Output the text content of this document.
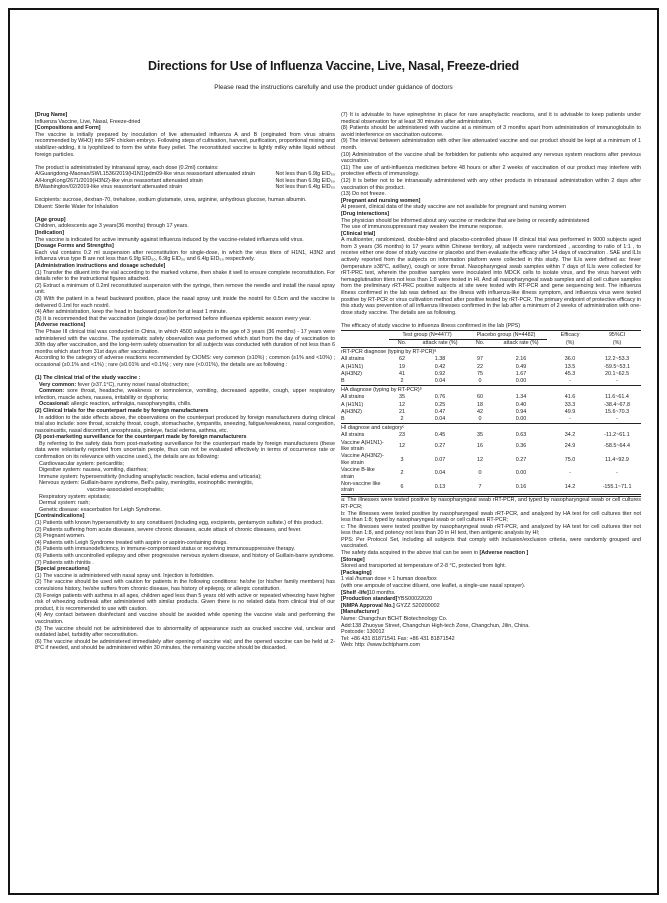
Directions for Use of Influenza Vaccine, Live, Nasal, Freeze-dried
Please read the instructions carefully and use the product under guidance of doctors
[Drug Name]
Influenza Vaccine, Live, Nasal, Freeze-dried
[Compositions and Form]
The vaccine is initially prepared by inoculation of live attenuated influenza A and B (originated from virus strains recommended by WHO) into SPF chicken embryo. Following steps of cultivation, harvest, purification, proportional mixing and stabilizer-adding, it is lyophilized to form the white fluey pellet. The reconstituted vaccine is lightly milky white liquid without foreign particles.
The product is administrated by intranasal spray, each dose (0.2ml) contains:
A/Guangdong-Maonan/SWL1536/2019(H1N1)pdm09-like virus reassortant attenuated strain	Not less than 6.9lg EID₅₀
A/HongKong/2671/2019(H3N2)-like virus reassortant attenuated strain	Not less than 6.9lg EID₅₀
B/Washington/02/2019-like virus reassortant attenuated strain	Not less than 6.4lg EID₅₀
Excipients: sucrose, dextran-70, trehalose, sodium glutamate, urea, arginine, anhydrous glucose, human albumin.
Diluent: Sterile Water for Inhalation
[Age group]
Children, adolescents age 3 years(36 months) through 17 years.
[Indication]
The vaccine is indicated for active immunity against influenza induced by the vaccine-related influenza wild virus.
[Dosage Forms and Strengths]
Each vial contains 0.2 ml suspension after reconstitution for single-dose, in which the virus titers of H1N1, H3N2 and influenza virus type B are not less than 6.9lg EID₅₀, 6.9lg EID₅₀ and 6.4lg EID₅₀ respectively.
[Administration instructions and dosage schedule]
(1) Transfer the diluent into the vial according to the marked volume, then shake it well to ensure complete reconstitution. For details refer to the instructional figures attached.
(2) Extract a minimum of 0.2ml reconstituted suspension with the syringe, then remove the needle and install the nasal spray unit.
(3) With the patient in a head backward position, place the nasal spray unit inside the nostril for 0.5cm and the vaccine is delivered 0.1ml for each nostril.
(4) After administration, keep the head in backward position for at least 1 minute.
(5) It is recommended that the vaccination (single dose) be performed before influenza epidemic season every year.
[Adverse reactions]
The Phase III clinical trial was conducted in China, in which 4500 subjects in the age of 3 years (36 months) - 17 years were administered with the vaccine. The systematic safety observation was performed which start from the day of vaccination to 30th day after vaccination, and the long-term safety observation for all subjects was conducted with duration of not less than 6 months which start from 31st days after vaccination.
According to the category of adverse reactions recommended by CIOMS: very common (≥10%) ; common (≥1% and <10%) ; occasional (≥0.1% and <1%) ; rare (≥0.01% and <0.1%) ; very rare (<0.01%), the details are as following :
(1) The clinical trial of the study vaccine :
Very common: fever (≥37.1°C), runny nose/ nasal obstruction;
Common: sore throat, headache, weakness or somnolence, vomiting, decreased appetite, cough, upper respiratory infection, muscle aches, nausea, irritability or dysphoria;
Occasional: allergic reaction, arthralgia, nasopharyngitis, chills.
(2) Clinical trials for the counterpart made by foreign manufacturers
In addition to the side effects above, the observations on the counterpart produced by foreign manufacturers during clinical trial also include: sore throat, scratchy throat, cough, stomachache, tympanitis, sneezing, fatigue/weakness, nasal congestion, nasosinusitis, nasal discomfort, anosphrasia, pinkeye, facial edema, asthma, etc.
(3) post-marketing surveillance for the counterpart made by foreign manufacturers
By referring to the safety data from post-marketing surveillance for the counterpart made by foreign manufacturers (these data were voluntarily reported from uncertain people, thus can not be evaluated effectively in terms of occurrence rate or confirmation on its relevance with vaccine used.), the details are as following:
Cardiovascular system: pericarditis;
Digestive system: nausea, vomiting, diarrhea;
Immune system: hypersensitivity (including anaphylactic reaction, facial edema and urticaria);
Nervous system: Guillain-barre syndrome, Bell's palsy, meningitis, eosinophilic meningitis,
vaccine-associated encephalitis;
Respiratory system: epistaxis;
Dermal system: rash;
Genetic disease: exacerbation for Leigh Syndrome.
[Contraindications]
(1) Patients with known hypersensitivity to any constituent (including egg, excipients, gentamycin sulfate.) of this product.
(2) Patients suffering from acute diseases, severe chronic diseases, acute attack of chronic diseases, and fever.
(3) Pregnant women.
(4) Patients with Leigh Syndrome treated with aspirin or aspirin-containing drugs.
(5) Patients with immunodeficiency, in immune-compromised status or receiving immunosuppressive therapy.
(6) Patients with uncontrolled epilepsy and other progressive nervous system disease, and history of Guillain-barre syndrome.
(7) Patients with rhinitis .
[Special precautions]
(1) The vaccine is administered with nasal spray unit. Injection is forbidden.
(2) The vaccine should be used with caution for patients in the following conditions: he/she (or his/her family members) has convulsions history, he/she suffers from chronic disease, has history of epilepsy, or allergic constitution.
(3) Foreign patients with asthma in all ages, children aged less than 5 years old with active or repeated wheezing have higher risk of wheezing outbreak after administered with similar products. Given there is no related data from clinical trial of our product, it is recommended to use with caution.
(4) Any contact between disinfectant and vaccine should be avoided while opening the vaccine vials and performing the vaccination.
(5) The vaccine should not be administered due to abnormality of appearance such as cracked vaccine vial, unclear and outdated label, turbidity after reconstitution.
(6) The vaccine should be administered immediately after opening of vaccine vial; and the opened vaccine can be held at 2-8°C if needed, and should be administered within 30 minutes, the remaining vaccine should be discarded.
(7) It is advisable to have epinephrine in place for rare anaphylactic reactions, and it is advisable to keep patients under medical observation for at least 30 minutes after administration.
(8) Patients should be administered with vaccine at a minimum of 3 months apart from administration of immunoglobulin to avoid interference on vaccination outcome.
(9) The interval between administration with other live attenuated vaccine and our product should be kept at a minimum of 1 month.
(10) Administration of the vaccine shall be forbidden for patients who acquired any nervous system reactions after previous vaccination.
(11) The use of anti-influenza medicines before 48 hours or after 2 weeks of vaccination of our product may interfere with protective effects of immunology.
(12) It is better not to be intranasally administered with any other products in intranasal administration within 2 days after vaccination of this product.
(13) Do not freeze.
[Pregnant and nursing women]
At present, clinical data of the study vaccine are not available for pregnant and nursing women
[Drug interactions]
The physician should be informed about any vaccine or medicine that are being or recently administered
The use of immunosuppressant may weaken the immune response.
[Clinical trial]
A multicenter, randomized, double-blind and placebo-controlled phase III clinical trial was performed in 9000 subjects aged from 3 years (36 months) to 17 years within Chinese territory, all subjects were randomized , according to ratio of 1:1 , to receive either one dose of study vaccine or placebo and then evaluate the efficacy after 14 days of vaccination . SAE and ILIs actively reported from the subjects on information platform were collected in this study. The ILIs were defined as: fever (temperature ≥38°C, axillary), cough or sore throat. Nasopharyngeal swab samples within 7 days of ILIs were collected for rRT-PRC test, wherein the positive samples were inoculated into MDCK cells to isolate virus, and the virus harvest with hemagglutination titers not less than 1:8 were tested in HI. And all nasopharyngeal swab samples and all cell culture samples from the preliminary rRT-PRC positive subjects at site were tested with RT-PCR and gene sequencing test. The influenza illness confirmed in the lab was defined as: the illness with influenza-like illness symptom, and influenza virus were tested positive by RT-PCR or virus cultivation method after positive tested by rRT-PCR. The primary endpoint of protective efficacy in this study was prevention of all influenza illnesses confirmed in the lab after a minimum of 2 weeks of administration with one-dose study vaccine. The details are as following.
The efficacy of study vaccine to influenza illness confirmed in the lab (PPS)
	Test group (N=4477)		Placebo group (N=4482)		Efficacy	95%CI
	No.	attack rate (%)	No.	attack rate (%)	(%)	(%)
rRT-PCR diagnose (typing by RT-PCR)ᵃ						
All strains	62	1.38	97	2.16	36.0	12.2~53.3
A (H1N1)	19	0.42	22	0.49	13.5	-59.5~53.1
A(H3N2)	41	0.92	75	1.67	45.3	20.1~62.5
B	2	0.04	0	0.00	-	-
HA diagnose (typing by RT-PCR)ᵇ						
All strains	35	0.76	60	1.34	41.6	11.6~61.4
A (H1N1)	12	0.25	18	0.40	33.3	-38.4~67.8
A(H3N2)	21	0.47	42	0.94	49.9	15.6~70.3
B	2	0.04	0	0.00	-	-
HI diagnose and categoryᶜ						
All strains	23	0.45	35	0.63	34.2	-11.2~61.1
Vaccine A(H1N1)-like strain	12	0.27	16	0.36	24.9	-58.5~64.4
Vaccine A(H3N2)-like strain	3	0.07	12	0.27	75.0	11.4~92.9
Vaccine B-like strain	2	0.04	0	0.00	-	-
Non-vaccine like strain	6	0.13	7	0.16	14.2	-155.1~71.1
a: The illnesses were tested positive by nasopharyngeal swab rRT-PCR, and typed by nasopharyngeal swab or cell cultures RT-PCR;
b: The illnesses were tested positive by nasopharyngeal swab rRT-PCR, and analyzed by HA test for cell cultures titer not less than 1:8; typed by nasopharyngeal swab or cell cultures RT-PCR;
c: The illnesses were tested positive by nasopharyngeal swab rRT-PCR, and analyzed by HA test for cell cultures titer not less than 1:8, and potency not less than 20 in HI test, then antigenic analysis by HI;
PPS: Per Protocol Set, including all subjects that comply with inclusion/exclusion criteria, were randomly grouped and vaccinated.
The safety data acquired in the above trial can be seen in [Adverse reaction ]
[Storage]
Stored and transported at temperature of 2-8 °C, protected from light.
[Packaging]
1 vial /human dose × 1 human dose/box
(with one ampoule of vaccine diluent, one leaflet, a single-use nasal sprayer).
[Shelf -life]10 months.
[Production standard]YBS00022020
[NMPA Approval No.] GYZZ S20200002
[Manufacturer]
Name: Changchun BCHT Biotechnology Co.
Add:138 Zhuoyue Street, Changchun High-tech Zone, Changchun, Jilin, China.
Postcode: 130012
Tel: +86 431 81871541 Fax: +86 431 81871542
Web: http: //www.bchtpharm.com
